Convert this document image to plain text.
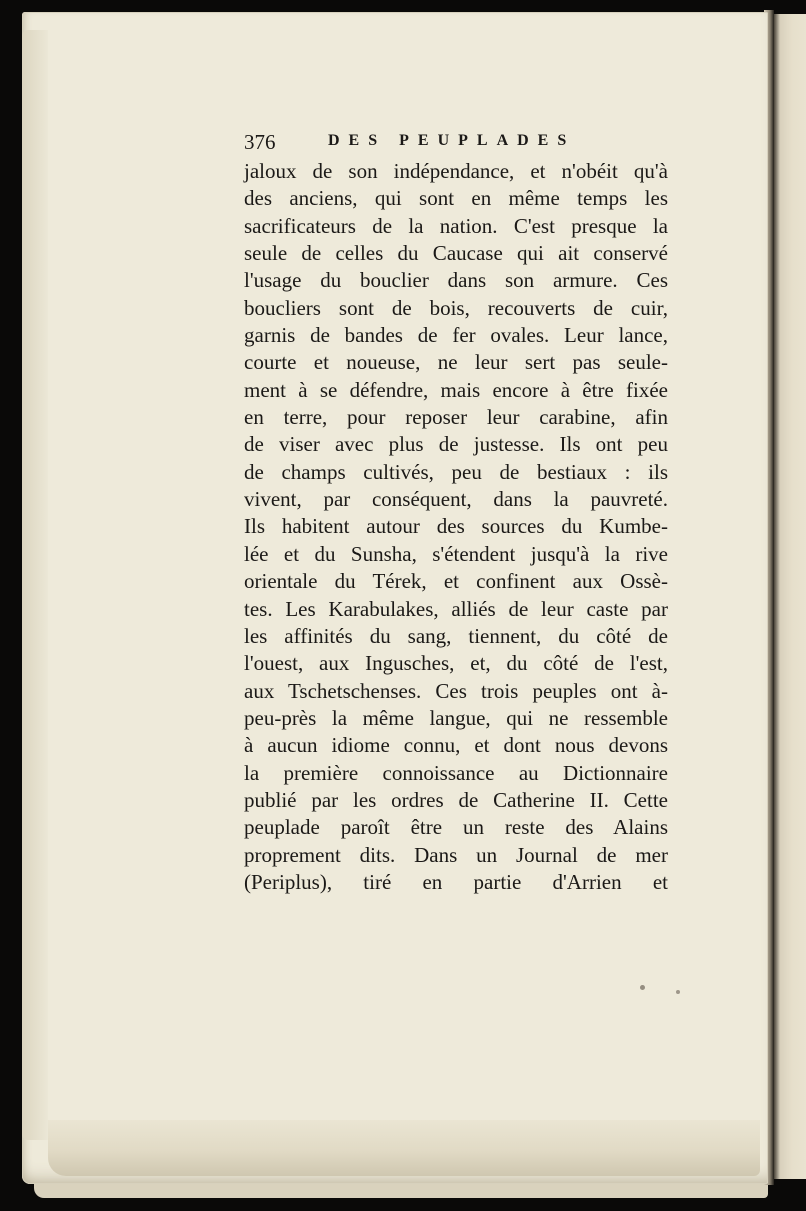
376	DES PEUPLADES
jaloux de son indépendance, et n'obéit qu'à
des anciens, qui sont en même temps les
sacrificateurs de la nation. C'est presque la
seule de celles du Caucase qui ait conservé
l'usage du bouclier dans son armure. Ces
boucliers sont de bois, recouverts de cuir,
garnis de bandes de fer ovales. Leur lance,
courte et noueuse, ne leur sert pas seule-
ment à se défendre, mais encore à être fixée
en terre, pour reposer leur carabine, afin
de viser avec plus de justesse. Ils ont peu
de champs cultivés, peu de bestiaux : ils
vivent, par conséquent, dans la pauvreté.
Ils habitent autour des sources du Kumbe-
lée et du Sunsha, s'étendent jusqu'à la rive
orientale du Térek, et confinent aux Ossè-
tes. Les Karabulakes, alliés de leur caste par
les affinités du sang, tiennent, du côté de
l'ouest, aux Ingusches, et, du côté de l'est,
aux Tschetschenses. Ces trois peuples ont à-
peu-près la même langue, qui ne ressemble
à aucun idiome connu, et dont nous devons
la première connoissance au Dictionnaire
publié par les ordres de Catherine II. Cette
peuplade paroît être un reste des Alains
proprement dits. Dans un Journal de mer
(Periplus), tiré en partie d'Arrien et
